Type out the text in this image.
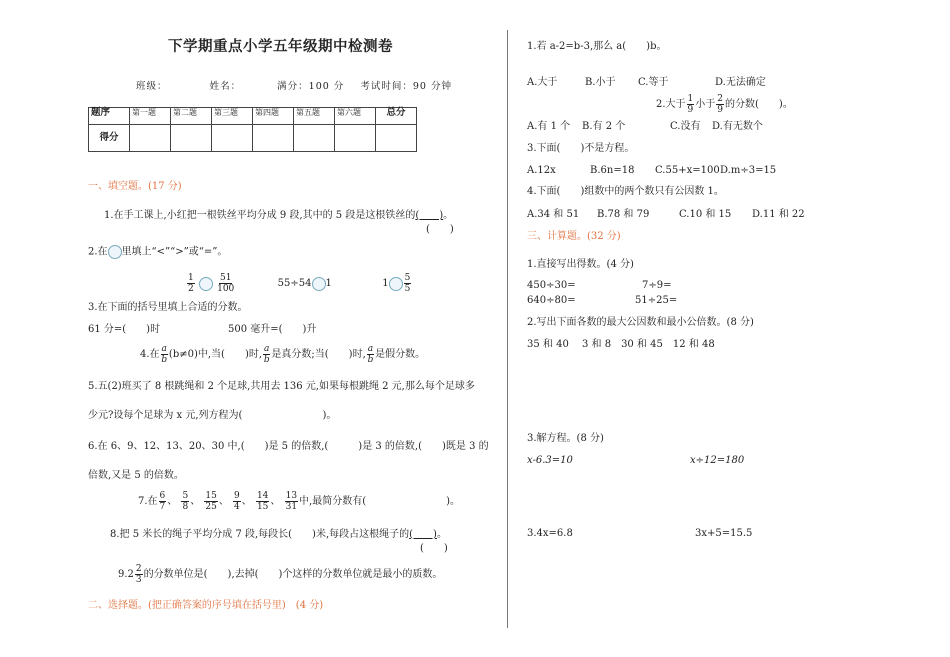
下学期重点小学五年级期中检测卷
班级：	姓名：	满分：100 分 考试时间：90 分钟
题序	第一题	第二题	第三题	第四题	第五题	第六题	总分
得分							
一、填空题。(17 分)
1.在手工课上,小红把一根铁丝平均分成 9 段,其中的 5 段是这根铁丝的(　　)。
(　　)
2.在 里填上“<”“>”或“=”。
$\frac{1}{2}$
$\frac{51}{100}$	55÷54 1	$1 \frac{5}{5}$
3.在下面的括号里填上合适的分数。
61 分=(　　)时	500 毫升=(　　)升
4.在 $\frac{a}{b} (b\ne 0)$中,当(　　)时, $\frac{a}{b}$ 是真分数;当(　　)时, $\frac{a}{b}$ 是假分数。
5.五(2)班买了 8 根跳绳和 2 个足球,共用去 136 元,如果每根跳绳 2 元,那么每个足球多
少元?设每个足球为 x 元,列方程为(　　　　　　　　)。
6.在 6、9、12、13、20、30 中,(　　)是 5 的倍数,(　　　)是 3 的倍数,(　　)既是 3 的
倍数,又是 5 的倍数。
7.在 $\frac{6}{7}$ 、 $\frac{5}{8}$ 、 $\frac{15}{25}$ 、 $\frac{9}{4}$ 、 $\frac{14}{15}$ 、 $\frac{13}{31}$ 中,最简分数有(　　　　　　　　)。
8.把 5 米长的绳子平均分成 7 段,每段长(　　)米,每段占这根绳子的(　　)。
(　　)
$9.2 \frac{2}{3}$ 的分数单位是(　　),去掉(　　)个这样的分数单位就是最小的质数。
二、选择题。(把正确答案的序号填在括号里)　(4 分)
1.若 a-2=b-3,那么 a(　　)b。
A.大于	B.小于 C.等于	D.无法确定
2.大于 $\frac{1}{9}$ 小于 $\frac{2}{9}$ 的分数(　　)。
A.有 1 个 B.有 2 个	C.没有 D.有无数个
3.下面(　　)不是方程。
A.12x	B.6n=18 C.55+x=100 D.m÷3=15
4.下面(　　)组数中的两个数只有公因数 1。
A.34 和 51 B.78 和 79	C.10 和 15 D.11 和 22
三、计算题。(32 分)
1.直接写出得数。(4 分)
450÷30=	7÷9=
640÷80=	51÷25=
2.写出下面各数的最大公因数和最小公倍数。(8 分)
35 和 40　 3 和 8　30 和 45　12 和 48
3.解方程。(8 分)
x-6.3=10	x÷12=180
3.4x=6.8	3x+5=15.5
